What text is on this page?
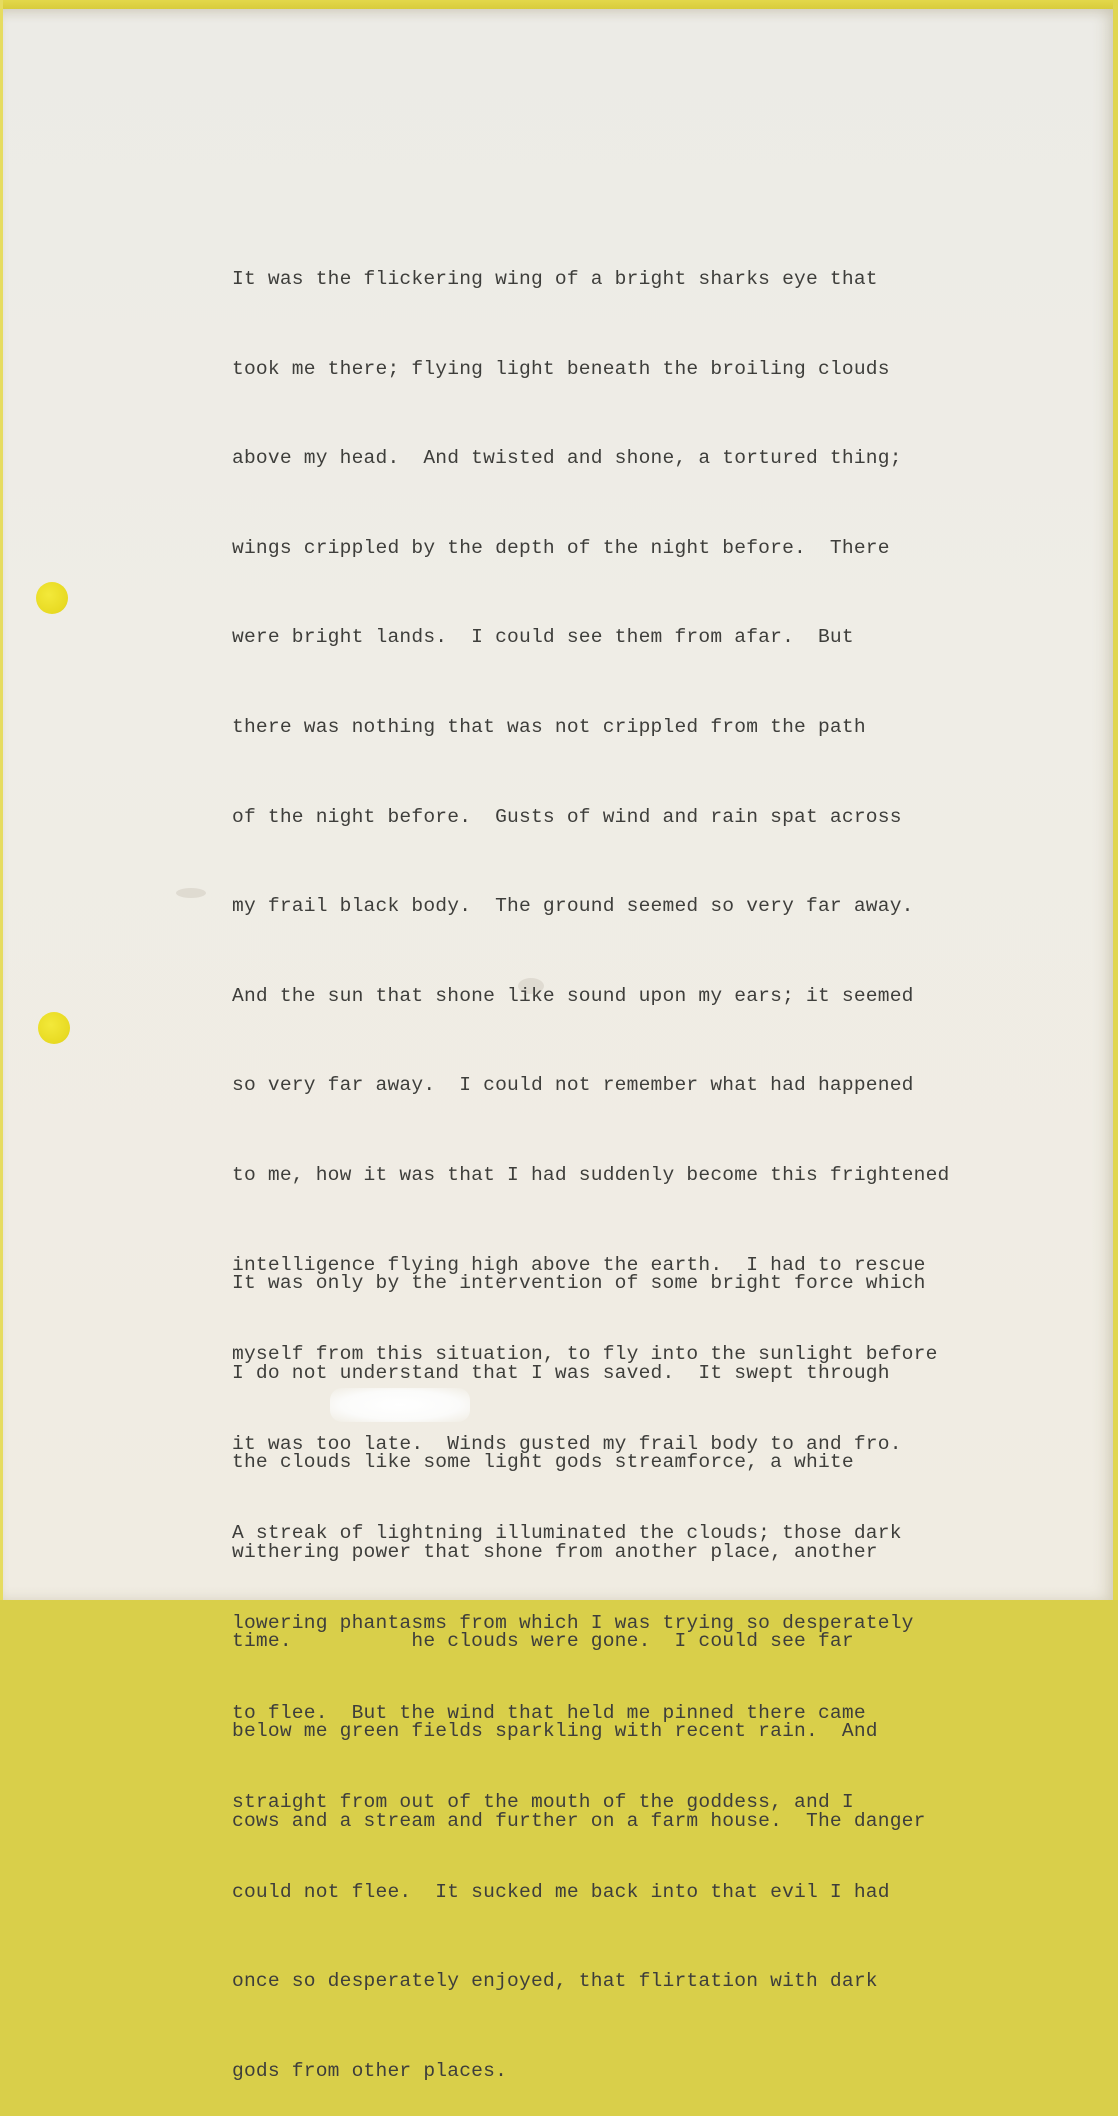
It was the flickering wing of a bright sharks eye that

took me there; flying light beneath the broiling clouds

above my head.  And twisted and shone, a tortured thing;

wings crippled by the depth of the night before.  There

were bright lands.  I could see them from afar.  But

there was nothing that was not crippled from the path

of the night before.  Gusts of wind and rain spat across

my frail black body.  The ground seemed so very far away.

And the sun that shone like sound upon my ears; it seemed

so very far away.  I could not remember what had happened

to me, how it was that I had suddenly become this frightened

intelligence flying high above the earth.  I had to rescue

myself from this situation, to fly into the sunlight before

it was too late.  Winds gusted my frail body to and fro.

A streak of lightning illuminated the clouds; those dark

lowering phantasms from which I was trying so desperately

to flee.  But the wind that held me pinned there came

straight from out of the mouth of the goddess, and I

could not flee.  It sucked me back into that evil I had

once so desperately enjoyed, that flirtation with dark

gods from other places.

It was only by the intervention of some bright force which

I do not understand that I was saved.  It swept through

the clouds like some light gods streamforce, a white

withering power that shone from another place, another

time.          he clouds were gone.  I could see far

below me green fields sparkling with recent rain.  And

cows and a stream and further on a farm house.  The danger
